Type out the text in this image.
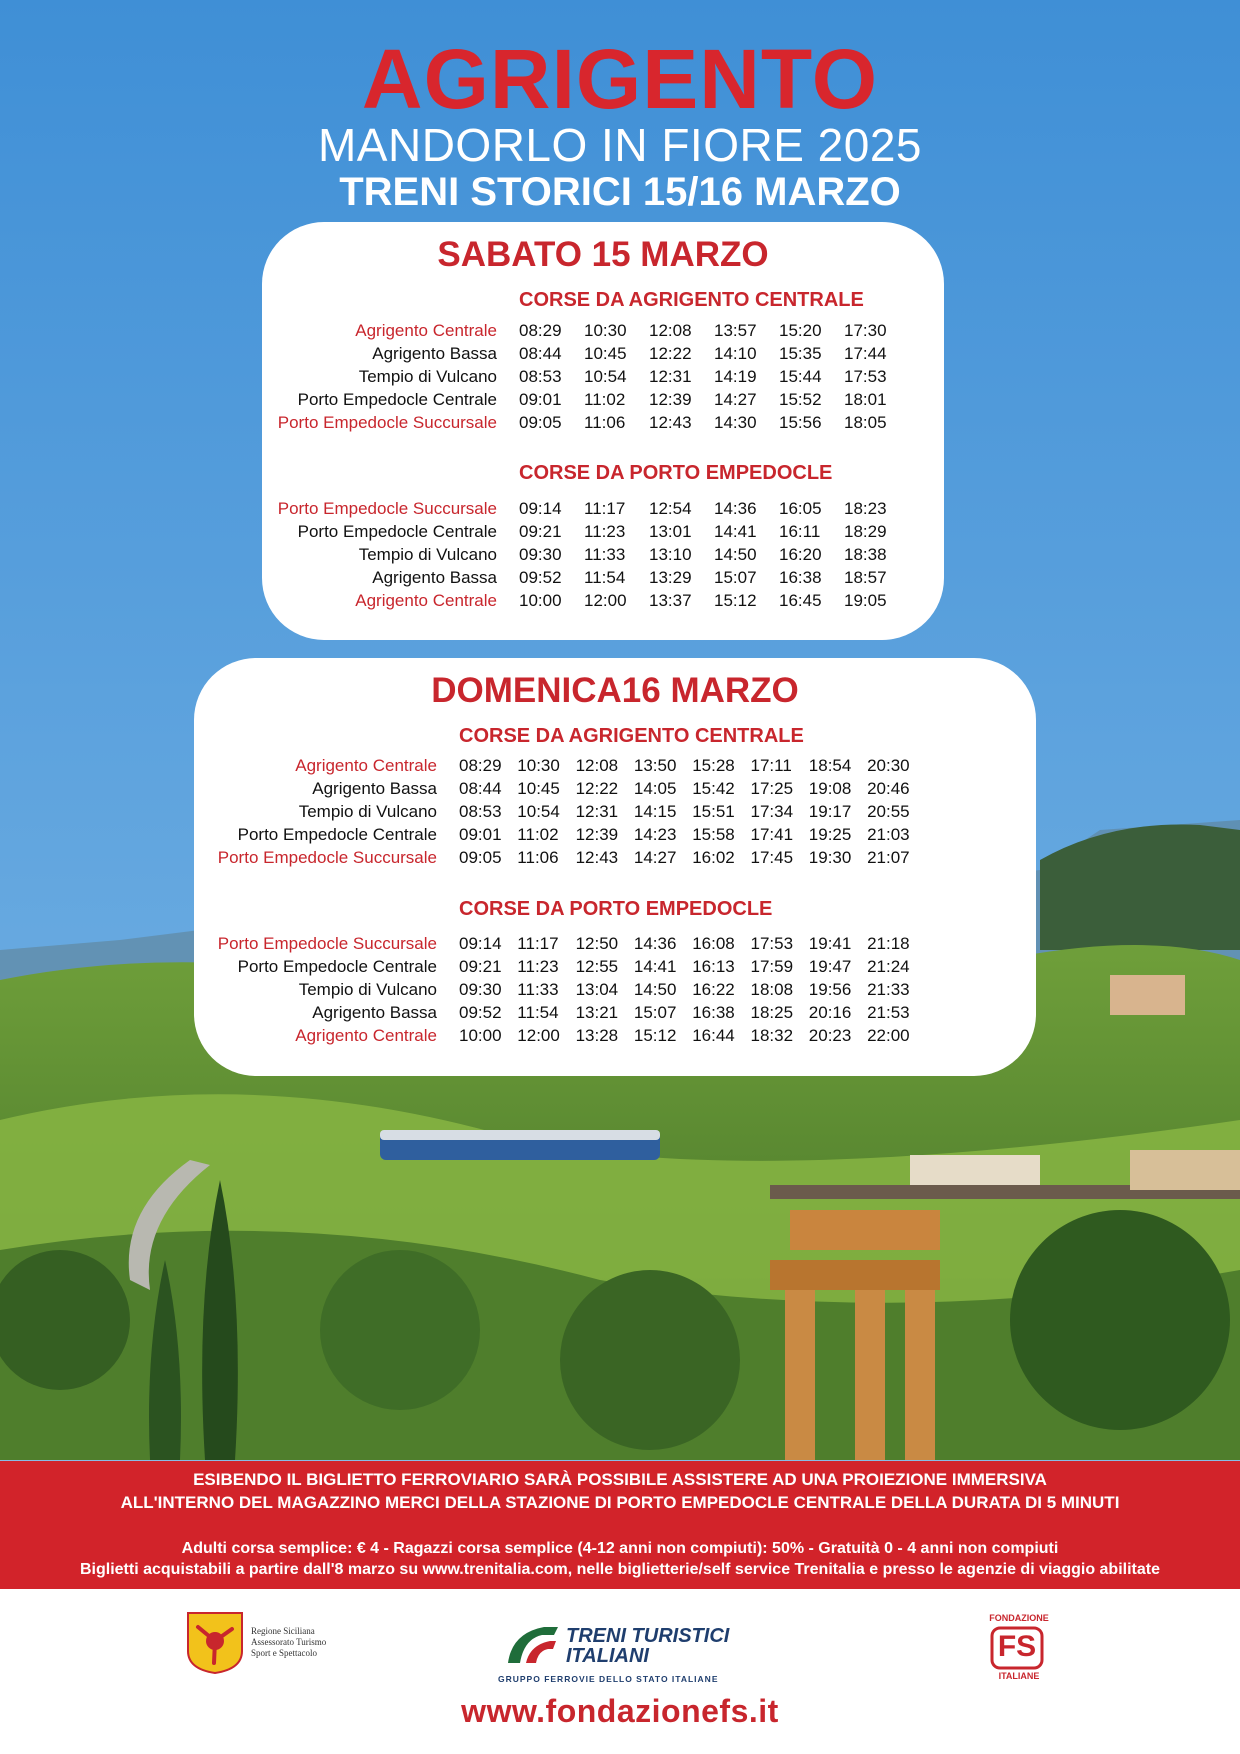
AGRIGENTO
MANDORLO IN FIORE 2025
TRENI STORICI 15/16 MARZO
SABATO 15 MARZO
CORSE DA AGRIGENTO CENTRALE
Agrigento Centrale 08:29 10:30 12:08 13:57 15:20 17:30
Agrigento Bassa 08:44 10:45 12:22 14:10 15:35 17:44
Tempio di Vulcano 08:53 10:54 12:31 14:19 15:44 17:53
Porto Empedocle Centrale 09:01 11:02 12:39 14:27 15:52 18:01
Porto Empedocle Succursale 09:05 11:06 12:43 14:30 15:56 18:05
CORSE DA PORTO EMPEDOCLE
Porto Empedocle Succursale 09:14 11:17 12:54 14:36 16:05 18:23
Porto Empedocle Centrale 09:21 11:23 13:01 14:41 16:11 18:29
Tempio di Vulcano 09:30 11:33 13:10 14:50 16:20 18:38
Agrigento Bassa 09:52 11:54 13:29 15:07 16:38 18:57
Agrigento Centrale 10:00 12:00 13:37 15:12 16:45 19:05
DOMENICA16 MARZO
CORSE DA AGRIGENTO CENTRALE
Agrigento Centrale 08:29 10:30 12:08 13:50 15:28 17:11 18:54 20:30
Agrigento Bassa 08:44 10:45 12:22 14:05 15:42 17:25 19:08 20:46
Tempio di Vulcano 08:53 10:54 12:31 14:15 15:51 17:34 19:17 20:55
Porto Empedocle Centrale 09:01 11:02 12:39 14:23 15:58 17:41 19:25 21:03
Porto Empedocle Succursale 09:05 11:06 12:43 14:27 16:02 17:45 19:30 21:07
CORSE DA PORTO EMPEDOCLE
Porto Empedocle Succursale 09:14 11:17 12:50 14:36 16:08 17:53 19:41 21:18
Porto Empedocle Centrale 09:21 11:23 12:55 14:41 16:13 17:59 19:47 21:24
Tempio di Vulcano 09:30 11:33 13:04 14:50 16:22 18:08 19:56 21:33
Agrigento Bassa 09:52 11:54 13:21 15:07 16:38 18:25 20:16 21:53
Agrigento Centrale 10:00 12:00 13:28 15:12 16:44 18:32 20:23 22:00
ESIBENDO IL BIGLIETTO FERROVIARIO SARÀ POSSIBILE ASSISTERE AD UNA PROIEZIONE IMMERSIVA
ALL'INTERNO DEL MAGAZZINO MERCI DELLA STAZIONE DI PORTO EMPEDOCLE CENTRALE DELLA DURATA DI 5 MINUTI
Adulti corsa semplice: € 4 - Ragazzi corsa semplice (4-12 anni non compiuti): 50% - Gratuità 0 - 4 anni non compiuti
Biglietti acquistabili a partire dall'8 marzo su www.trenitalia.com, nelle biglietterie/self service Trenitalia e presso le agenzie di viaggio abilitate
Regione Siciliana
Assessorato Turismo
Sport e Spettacolo
TRENI TURISTICI
ITALIANI
GRUPPO FERROVIE DELLO STATO ITALIANE
FONDAZIONE
FS
ITALIANE
www.fondazionefs.it
